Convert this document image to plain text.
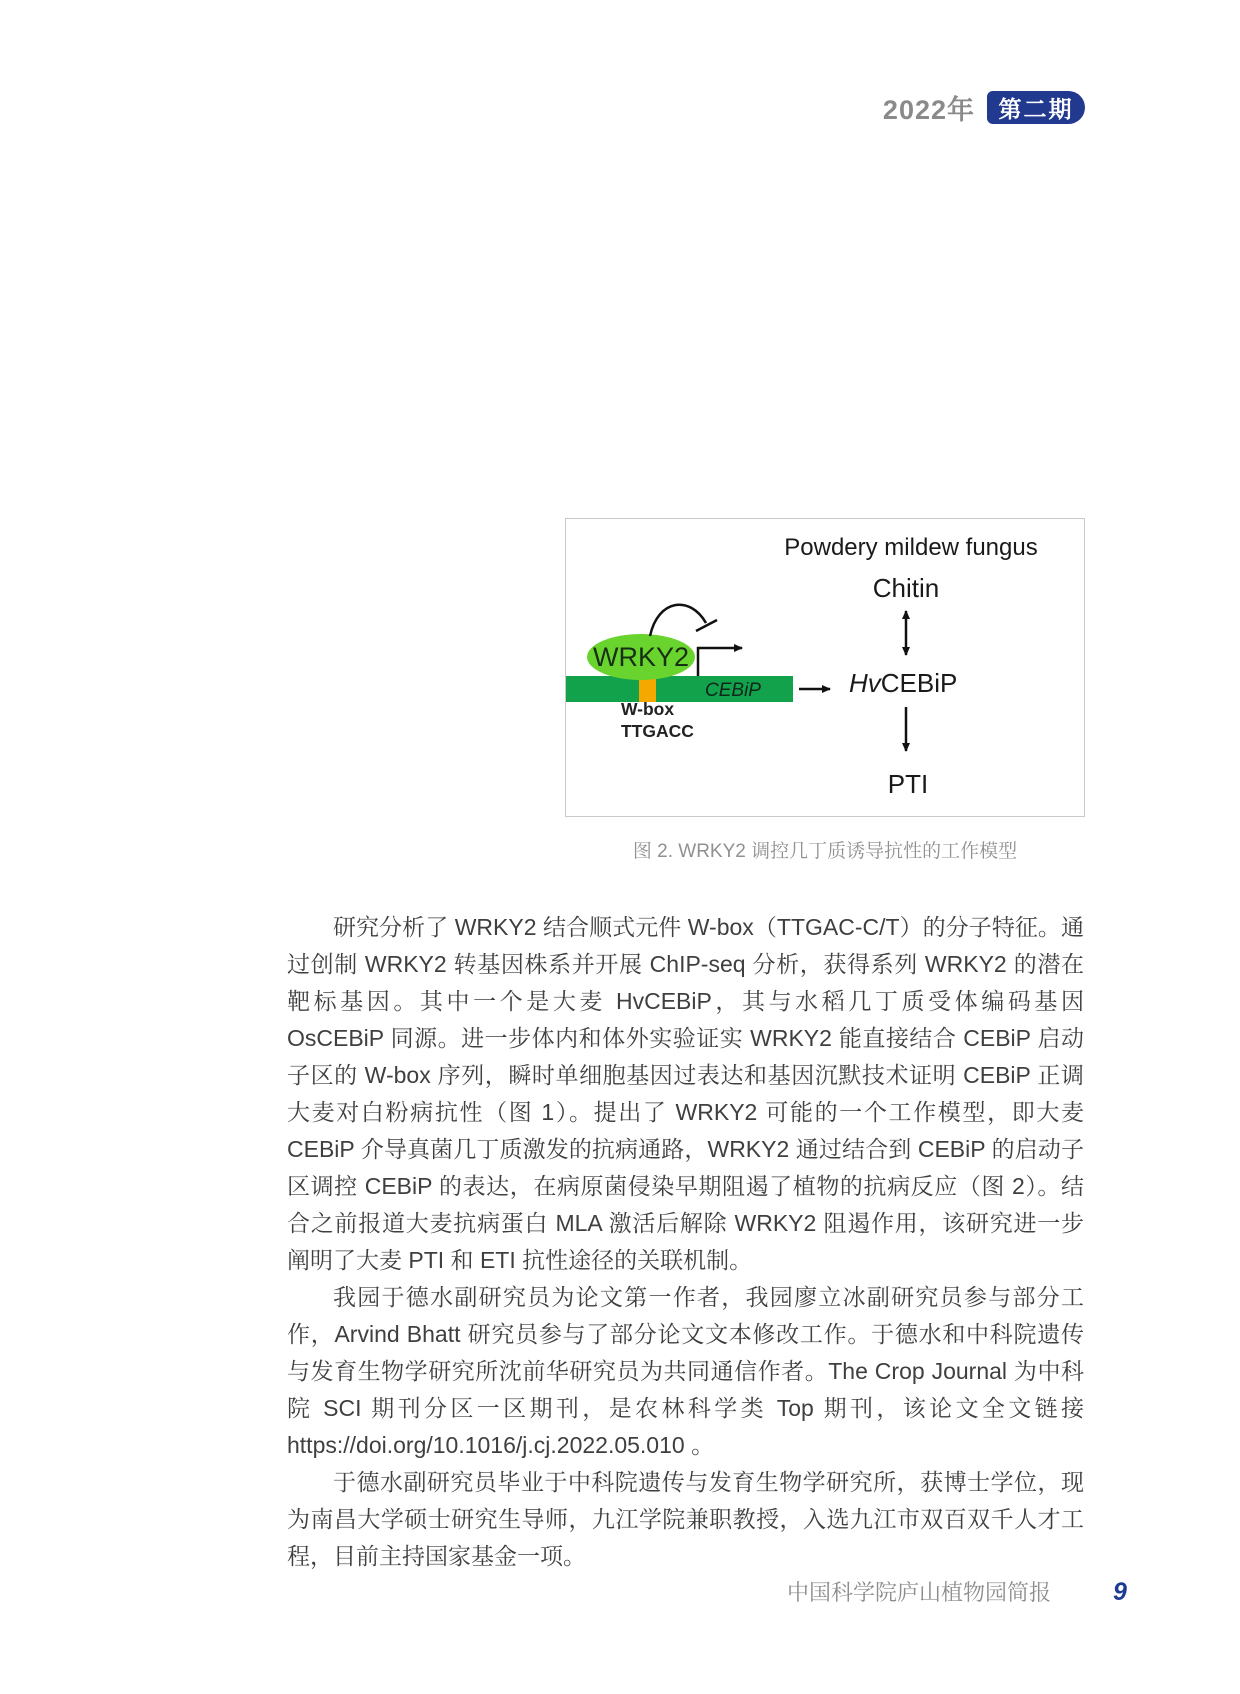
2022年	第二期
Powdery mildew fungus
Chitin
HvCEBiP
PTI
CEBiP
WRKY2
W-box
TTGACC
图 2. WRKY2 调控几丁质诱导抗性的工作模型

研究分析了 WRKY2 结合顺式元件 W-box（TTGAC-C/T）的分子特征。通过创制 WRKY2 转基因株系并开展 ChIP-seq 分析，获得系列 WRKY2 的潜在靶标基因。其中一个是大麦 HvCEBiP，其与水稻几丁质受体编码基因 OsCEBiP 同源。进一步体内和体外实验证实 WRKY2 能直接结合 CEBiP 启动子区的 W-box 序列，瞬时单细胞基因过表达和基因沉默技术证明 CEBiP 正调大麦对白粉病抗性（图 1）。提出了 WRKY2 可能的一个工作模型，即大麦 CEBiP 介导真菌几丁质激发的抗病通路，WRKY2 通过结合到 CEBiP 的启动子区调控 CEBiP 的表达，在病原菌侵染早期阻遏了植物的抗病反应（图 2）。结合之前报道大麦抗病蛋白 MLA 激活后解除 WRKY2 阻遏作用，该研究进一步阐明了大麦 PTI 和 ETI 抗性途径的关联机制。

我园于德水副研究员为论文第一作者，我园廖立冰副研究员参与部分工作，Arvind Bhatt 研究员参与了部分论文文本修改工作。于德水和中科院遗传与发育生物学研究所沈前华研究员为共同通信作者。The Crop Journal 为中科院 SCI 期刊分区一区期刊，是农林科学类 Top 期刊，该论文全文链接 https://doi.org/10.1016/j.cj.2022.05.010 。

于德水副研究员毕业于中科院遗传与发育生物学研究所，获博士学位，现为南昌大学硕士研究生导师，九江学院兼职教授，入选九江市双百双千人才工程，目前主持国家基金一项。

中国科学院庐山植物园简报 9
